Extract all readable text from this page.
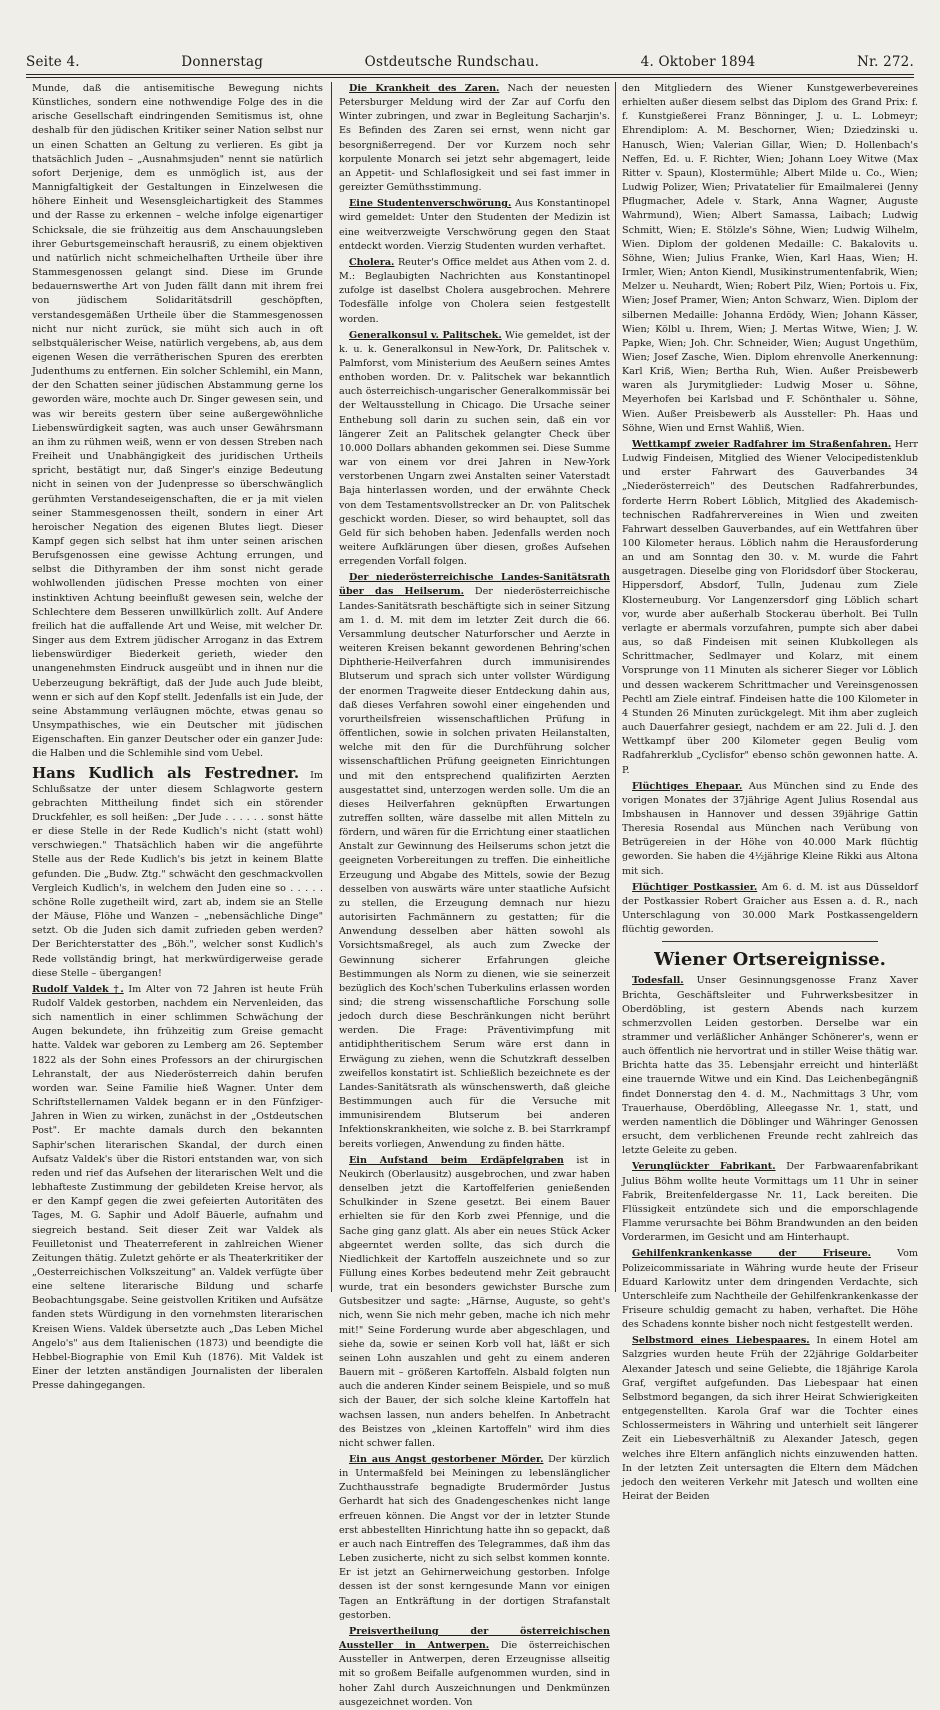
Seite 4.	Donnerstag	Ostdeutsche Rundschau.	4. Oktober 1894	Nr. 272.

Munde, daß die antisemitische Bewegung nichts Künstliches, sondern eine nothwendige Folge des in die arische Gesellschaft eindringenden Semitismus ist, ohne deshalb für den jüdischen Kritiker seiner Nation selbst nur un einen Schatten an Geltung zu verlieren. Es gibt ja thatsächlich Juden – „Ausnahmsjuden" nennt sie natürlich sofort Derjenige, dem es unmöglich ist, aus der Mannigfaltigkeit der Gestaltungen in Einzelwesen die höhere Einheit und Wesensgleichartigkeit des Stammes und der Rasse zu erkennen – welche infolge eigenartiger Schicksale, die sie frühzeitig aus dem Anschauungsleben ihrer Geburtsgemeinschaft herausriß, zu einem objektiven und natürlich nicht schmeichelhaften Urtheile über ihre Stammesgenossen gelangt sind. Diese im Grunde bedauernswerthe Art von Juden fällt dann mit ihrem frei von jüdischem Solidaritätsdrill geschöpften, verstandesgemäßen Urtheile über die Stammesgenossen nicht nur nicht zurück, sie müht sich auch in oft selbstquälerischer Weise, natürlich vergebens, ab, aus dem eigenen Wesen die verrätherischen Spuren des ererbten Judenthums zu entfernen. Ein solcher Schlemihl, ein Mann, der den Schatten seiner jüdischen Abstammung gerne los geworden wäre, mochte auch Dr. Singer gewesen sein, und was wir bereits gestern über seine außergewöhnliche Liebenswürdigkeit sagten, was auch unser Gewährsmann an ihm zu rühmen weiß, wenn er von dessen Streben nach Freiheit und Unabhängigkeit des juridischen Urtheils spricht, bestätigt nur, daß Singer's einzige Bedeutung nicht in seinen von der Judenpresse so überschwänglich gerühmten Verstandeseigenschaften, die er ja mit vielen seiner Stammesgenossen theilt, sondern in einer Art heroischer Negation des eigenen Blutes liegt. Dieser Kampf gegen sich selbst hat ihm unter seinen arischen Berufsgenossen eine gewisse Achtung errungen, und selbst die Dithyramben der ihm sonst nicht gerade wohlwollenden jüdischen Presse mochten von einer instinktiven Achtung beeinflußt gewesen sein, welche der Schlechtere dem Besseren unwillkürlich zollt. Auf Andere freilich hat die auffallende Art und Weise, mit welcher Dr. Singer aus dem Extrem jüdischer Arroganz in das Extrem liebenswürdiger Biederkeit gerieth, wieder den unangenehmsten Eindruck ausgeübt und in ihnen nur die Ueberzeugung bekräftigt, daß der Jude auch Jude bleibt, wenn er sich auf den Kopf stellt. Jedenfalls ist ein Jude, der seine Abstammung verläugnen möchte, etwas genau so Unsympathisches, wie ein Deutscher mit jüdischen Eigenschaften. Ein ganzer Deutscher oder ein ganzer Jude: die Halben und die Schlemihle sind vom Uebel.

Hans Kudlich als Festredner. Im Schlußsatze der unter diesem Schlagworte gestern gebrachten Mittheilung findet sich ein störender Druckfehler, es soll heißen: „Der Jude . . . . . . sonst hätte er diese Stelle in der Rede Kudlich's nicht (statt wohl) verschwiegen." Thatsächlich haben wir die angeführte Stelle aus der Rede Kudlich's bis jetzt in keinem Blatte gefunden. Die „Budw. Ztg." schwächt den geschmackvollen Vergleich Kudlich's, in welchem den Juden eine so . . . . . schöne Rolle zugetheilt wird, zart ab, indem sie an Stelle der Mäuse, Flöhe und Wanzen – „nebensächliche Dinge" setzt. Ob die Juden sich damit zufrieden geben werden? Der Berichterstatter des „Böh.", welcher sonst Kudlich's Rede vollständig bringt, hat merkwürdigerweise gerade diese Stelle – übergangen!

Rudolf Valdek †. Im Alter von 72 Jahren ist heute Früh Rudolf Valdek gestorben, nachdem ein Nervenleiden, das sich namentlich in einer schlimmen Schwächung der Augen bekundete, ihn frühzeitig zum Greise gemacht hatte. Valdek war geboren zu Lemberg am 26. September 1822 als der Sohn eines Professors an der chirurgischen Lehranstalt, der aus Niederösterreich dahin berufen worden war. Seine Familie hieß Wagner. Unter dem Schriftstellernamen Valdek begann er in den Fünfziger-Jahren in Wien zu wirken, zunächst in der „Ostdeutschen Post". Er machte damals durch den bekannten Saphir'schen literarischen Skandal, der durch einen Aufsatz Valdek's über die Ristori entstanden war, von sich reden und rief das Aufsehen der literarischen Welt und die lebhafteste Zustimmung der gebildeten Kreise hervor, als er den Kampf gegen die zwei gefeierten Autoritäten des Tages, M. G. Saphir und Adolf Bäuerle, aufnahm und siegreich bestand. Seit dieser Zeit war Valdek als Feuilletonist und Theaterreferent in zahlreichen Wiener Zeitungen thätig. Zuletzt gehörte er als Theaterkritiker der „Oesterreichischen Volkszeitung" an. Valdek verfügte über eine seltene literarische Bildung und scharfe Beobachtungsgabe. Seine geistvollen Kritiken und Aufsätze fanden stets Würdigung in den vornehmsten literarischen Kreisen Wiens. Valdek übersetzte auch „Das Leben Michel Angelo's" aus dem Italienischen (1873) und beendigte die Hebbel-Biographie von Emil Kuh (1876). Mit Valdek ist Einer der letzten anständigen Journalisten der liberalen Presse dahingegangen.

Die Krankheit des Zaren. Nach der neuesten Petersburger Meldung wird der Zar auf Corfu den Winter zubringen, und zwar in Begleitung Sacharjin's. Es Befinden des Zaren sei ernst, wenn nicht gar besorgnißerregend. Der vor Kurzem noch sehr korpulente Monarch sei jetzt sehr abgemagert, leide an Appetit- und Schlaflosigkeit und sei fast immer in gereizter Gemüthsstimmung.

Eine Studentenverschwörung. Aus Konstantinopel wird gemeldet: Unter den Studenten der Medizin ist eine weitverzweigte Verschwörung gegen den Staat entdeckt worden. Vierzig Studenten wurden verhaftet.

Cholera. Reuter's Office meldet aus Athen vom 2. d. M.: Beglaubigten Nachrichten aus Konstantinopel zufolge ist daselbst Cholera ausgebrochen. Mehrere Todesfälle infolge von Cholera seien festgestellt worden.

Generalkonsul v. Palitschek. Wie gemeldet, ist der k. u. k. Generalkonsul in New-York, Dr. Palitschek v. Palmforst, vom Ministerium des Aeußern seines Amtes enthoben worden. Dr. v. Palitschek war bekanntlich auch österreichisch-ungarischer Generalkommissär bei der Weltausstellung in Chicago. Die Ursache seiner Enthebung soll darin zu suchen sein, daß ein vor längerer Zeit an Palitschek gelangter Check über 10.000 Dollars abhanden gekommen sei. Diese Summe war von einem vor drei Jahren in New-York verstorbenen Ungarn zwei Anstalten seiner Vaterstadt Baja hinterlassen worden, und der erwähnte Check von dem Testamentsvollstrecker an Dr. von Palitschek geschickt worden. Dieser, so wird behauptet, soll das Geld für sich behoben haben. Jedenfalls werden noch weitere Aufklärungen über diesen, großes Aufsehen erregenden Vorfall folgen.

Der niederösterreichische Landes-Sanitätsrath über das Heilserum. Der niederösterreichische Landes-Sanitätsrath beschäftigte sich in seiner Sitzung am 1. d. M. mit dem im letzter Zeit durch die 66. Versammlung deutscher Naturforscher und Aerzte in weiteren Kreisen bekannt gewordenen Behring'schen Diphtherie-Heilverfahren durch immunisirendes Blutserum und sprach sich unter vollster Würdigung der enormen Tragweite dieser Entdeckung dahin aus, daß dieses Verfahren sowohl einer eingehenden und vorurtheilsfreien wissenschaftlichen Prüfung in öffentlichen, sowie in solchen privaten Heilanstalten, welche mit den für die Durchführung solcher wissenschaftlichen Prüfung geeigneten Einrichtungen und mit den entsprechend qualifizirten Aerzten ausgestattet sind, unterzogen werden solle. Um die an dieses Heilverfahren geknüpften Erwartungen zutreffen sollten, wäre dasselbe mit allen Mitteln zu fördern, und wären für die Errichtung einer staatlichen Anstalt zur Gewinnung des Heilserums schon jetzt die geeigneten Vorbereitungen zu treffen. Die einheitliche Erzeugung und Abgabe des Mittels, sowie der Bezug desselben von auswärts wäre unter staatliche Aufsicht zu stellen, die Erzeugung demnach nur hiezu autorisirten Fachmännern zu gestatten; für die Anwendung desselben aber hätten sowohl als Vorsichtsmaßregel, als auch zum Zwecke der Gewinnung sicherer Erfahrungen gleiche Bestimmungen als Norm zu dienen, wie sie seinerzeit bezüglich des Koch'schen Tuberkulins erlassen worden sind; die streng wissenschaftliche Forschung solle jedoch durch diese Beschränkungen nicht berührt werden. Die Frage: Präventivimpfung mit antidiphtheritischem Serum wäre erst dann in Erwägung zu ziehen, wenn die Schutzkraft desselben zweifellos konstatirt ist. Schließlich bezeichnete es der Landes-Sanitätsrath als wünschenswerth, daß gleiche Bestimmungen auch für die Versuche mit immunisirendem Blutserum bei anderen Infektionskrankheiten, wie solche z. B. bei Starrkrampf bereits vorliegen, Anwendung zu finden hätte.

Ein Aufstand beim Erdäpfelgraben ist in Neukirch (Oberlausitz) ausgebrochen, und zwar haben denselben jetzt die Kartoffelferien genießenden Schulkinder in Szene gesetzt. Bei einem Bauer erhielten sie für den Korb zwei Pfennige, und die Sache ging ganz glatt. Als aber ein neues Stück Acker abgeerntet werden sollte, das sich durch die Niedlichkeit der Kartoffeln auszeichnete und so zur Füllung eines Korbes bedeutend mehr Zeit gebraucht wurde, trat ein besonders gewichster Bursche zum Gutsbesitzer und sagte: „Härnse, Auguste, so geht's nich, wenn Sie nich mehr geben, mache ich nich mehr mit!" Seine Forderung wurde aber abgeschlagen, und siehe da, sowie er seinen Korb voll hat, läßt er sich seinen Lohn auszahlen und geht zu einem anderen Bauern mit – größeren Kartoffeln. Alsbald folgten nun auch die anderen Kinder seinem Beispiele, und so muß sich der Bauer, der sich solche kleine Kartoffeln hat wachsen lassen, nun anders behelfen. In Anbetracht des Beistzes von „kleinen Kartoffeln" wird ihm dies nicht schwer fallen.

Ein aus Angst gestorbener Mörder. Der kürzlich in Untermaßfeld bei Meiningen zu lebenslänglicher Zuchthausstrafe begnadigte Brudermörder Justus Gerhardt hat sich des Gnadengeschenkes nicht lange erfreuen können. Die Angst vor der in letzter Stunde erst abbestellten Hinrichtung hatte ihn so gepackt, daß er auch nach Eintreffen des Telegrammes, daß ihm das Leben zusicherte, nicht zu sich selbst kommen konnte. Er ist jetzt an Gehirnerweichung gestorben. Infolge dessen ist der sonst kerngesunde Mann vor einigen Tagen an Entkräftung in der dortigen Strafanstalt gestorben.

Preisvertheilung der österreichischen Aussteller in Antwerpen. Die österreichischen Aussteller in Antwerpen, deren Erzeugnisse allseitig mit so großem Beifalle aufgenommen wurden, sind in hoher Zahl durch Auszeichnungen und Denkmünzen ausgezeichnet worden. Von

den Mitgliedern des Wiener Kunstgewerbevereines erhielten außer diesem selbst das Diplom des Grand Prix: f. f. Kunstgießerei Franz Bönninger, J. u. L. Lobmeyr; Ehrendiplom: A. M. Beschorner, Wien; Dziedzinski u. Hanusch, Wien; Valerian Gillar, Wien; D. Hollenbach's Neffen, Ed. u. F. Richter, Wien; Johann Loey Witwe (Max Ritter v. Spaun), Klostermühle; Albert Milde u. Co., Wien; Ludwig Polizer, Wien; Privatatelier für Emailmalerei (Jenny Pflugmacher, Adele v. Stark, Anna Wagner, Auguste Wahrmund), Wien; Albert Samassa, Laibach; Ludwig Schmitt, Wien; E. Stölzle's Söhne, Wien; Ludwig Wilhelm, Wien. Diplom der goldenen Medaille: C. Bakalovits u. Söhne, Wien; Julius Franke, Wien, Karl Haas, Wien; H. Irmler, Wien; Anton Kiendl, Musikinstrumentenfabrik, Wien; Melzer u. Neuhardt, Wien; Robert Pilz, Wien; Portois u. Fix, Wien; Josef Pramer, Wien; Anton Schwarz, Wien. Diplom der silbernen Medaille: Johanna Erdödy, Wien; Johann Kässer, Wien; Kölbl u. Ihrem, Wien; J. Mertas Witwe, Wien; J. W. Papke, Wien; Joh. Chr. Schneider, Wien; August Ungethüm, Wien; Josef Zasche, Wien. Diplom ehrenvolle Anerkennung: Karl Kriß, Wien; Bertha Ruh, Wien. Außer Preisbewerb waren als Jurymitglieder: Ludwig Moser u. Söhne, Meyerhofen bei Karlsbad und F. Schönthaler u. Söhne, Wien. Außer Preisbewerb als Aussteller: Ph. Haas und Söhne, Wien und Ernst Wahliß, Wien.

Wettkampf zweier Radfahrer im Straßenfahren. Herr Ludwig Findeisen, Mitglied des Wiener Velocipedistenklub und erster Fahrwart des Gauverbandes 34 „Niederösterreich" des Deutschen Radfahrerbundes, forderte Herrn Robert Löblich, Mitglied des Akademisch-technischen Radfahrervereines in Wien und zweiten Fahrwart desselben Gauverbandes, auf ein Wettfahren über 100 Kilometer heraus. Löblich nahm die Herausforderung an und am Sonntag den 30. v. M. wurde die Fahrt ausgetragen. Dieselbe ging von Floridsdorf über Stockerau, Hippersdorf, Absdorf, Tulln, Judenau zum Ziele Klosterneuburg. Vor Langenzersdorf ging Löblich schart vor, wurde aber außerhalb Stockerau überholt. Bei Tulln verlagte er abermals vorzufahren, pumpte sich aber dabei aus, so daß Findeisen mit seinen Klubkollegen als Schrittmacher, Sedlmayer und Kolarz, mit einem Vorsprunge von 11 Minuten als sicherer Sieger vor Löblich und dessen wackerem Schrittmacher und Vereinsgenossen Pechtl am Ziele eintraf. Findeisen hatte die 100 Kilometer in 4 Stunden 26 Minuten zurückgelegt. Mit ihm aber zugleich auch Dauerfahrer gesiegt, nachdem er am 22. Juli d. J. den Wettkampf über 200 Kilometer gegen Beulig vom Radfahrerklub „Cyclisfor" ebenso schön gewonnen hatte. A. P.

Flüchtiges Ehepaar. Aus München sind zu Ende des vorigen Monates der 37jährige Agent Julius Rosendal aus Imbshausen in Hannover und dessen 39jährige Gattin Theresia Rosendal aus München nach Verübung von Betrügereien in der Höhe von 40.000 Mark flüchtig geworden. Sie haben die 4½jährige Kleine Rikki aus Altona mit sich.

Flüchtiger Postkassier. Am 6. d. M. ist aus Düsseldorf der Postkassier Robert Graicher aus Essen a. d. R., nach Unterschlagung von 30.000 Mark Postkassengeldern flüchtig geworden.

Wiener Ortsereignisse.

Todesfall. Unser Gesinnungsgenosse Franz Xaver Brichta, Geschäftsleiter und Fuhrwerksbesitzer in Oberdöbling, ist gestern Abends nach kurzem schmerzvollen Leiden gestorben. Derselbe war ein strammer und verläßlicher Anhänger Schönerer's, wenn er auch öffentlich nie hervortrat und in stiller Weise thätig war. Brichta hatte das 35. Lebensjahr erreicht und hinterläßt eine trauernde Witwe und ein Kind. Das Leichenbegängniß findet Donnerstag den 4. d. M., Nachmittags 3 Uhr, vom Trauerhause, Oberdöbling, Alleegasse Nr. 1, statt, und werden namentlich die Döblinger und Währinger Genossen ersucht, dem verblichenen Freunde recht zahlreich das letzte Geleite zu geben.

Verunglückter Fabrikant. Der Farbwaarenfabrikant Julius Böhm wollte heute Vormittags um 11 Uhr in seiner Fabrik, Breitenfeldergasse Nr. 11, Lack bereiten. Die Flüssigkeit entzündete sich und die emporschlagende Flamme verursachte bei Böhm Brandwunden an den beiden Vorderarmen, im Gesicht und am Hinterhaupt.

Gehilfenkrankenkasse der Friseure.	Vom Polizeicommissariate in Währing wurde heute der Friseur Eduard Karlowitz unter dem dringenden Verdachte, sich Unterschleife zum Nachtheile der Gehilfenkrankenkasse der Friseure schuldig gemacht zu haben, verhaftet. Die Höhe des Schadens konnte bisher noch nicht festgestellt werden.

Selbstmord eines Liebespaares. In einem Hotel am Salzgries wurden heute Früh der 22jährige Goldarbeiter Alexander Jatesch und seine Geliebte, die 18jährige Karola Graf, vergiftet aufgefunden. Das Liebespaar hat einen Selbstmord begangen, da sich ihrer Heirat Schwierigkeiten entgegenstellten. Karola Graf war die Tochter eines Schlossermeisters in Währing und unterhielt seit längerer Zeit ein Liebesverhältniß zu Alexander Jatesch, gegen welches ihre Eltern anfänglich nichts einzuwenden hatten. In der letzten Zeit untersagten die Eltern dem Mädchen jedoch den weiteren Verkehr mit Jatesch und wollten eine Heirat der Beiden
